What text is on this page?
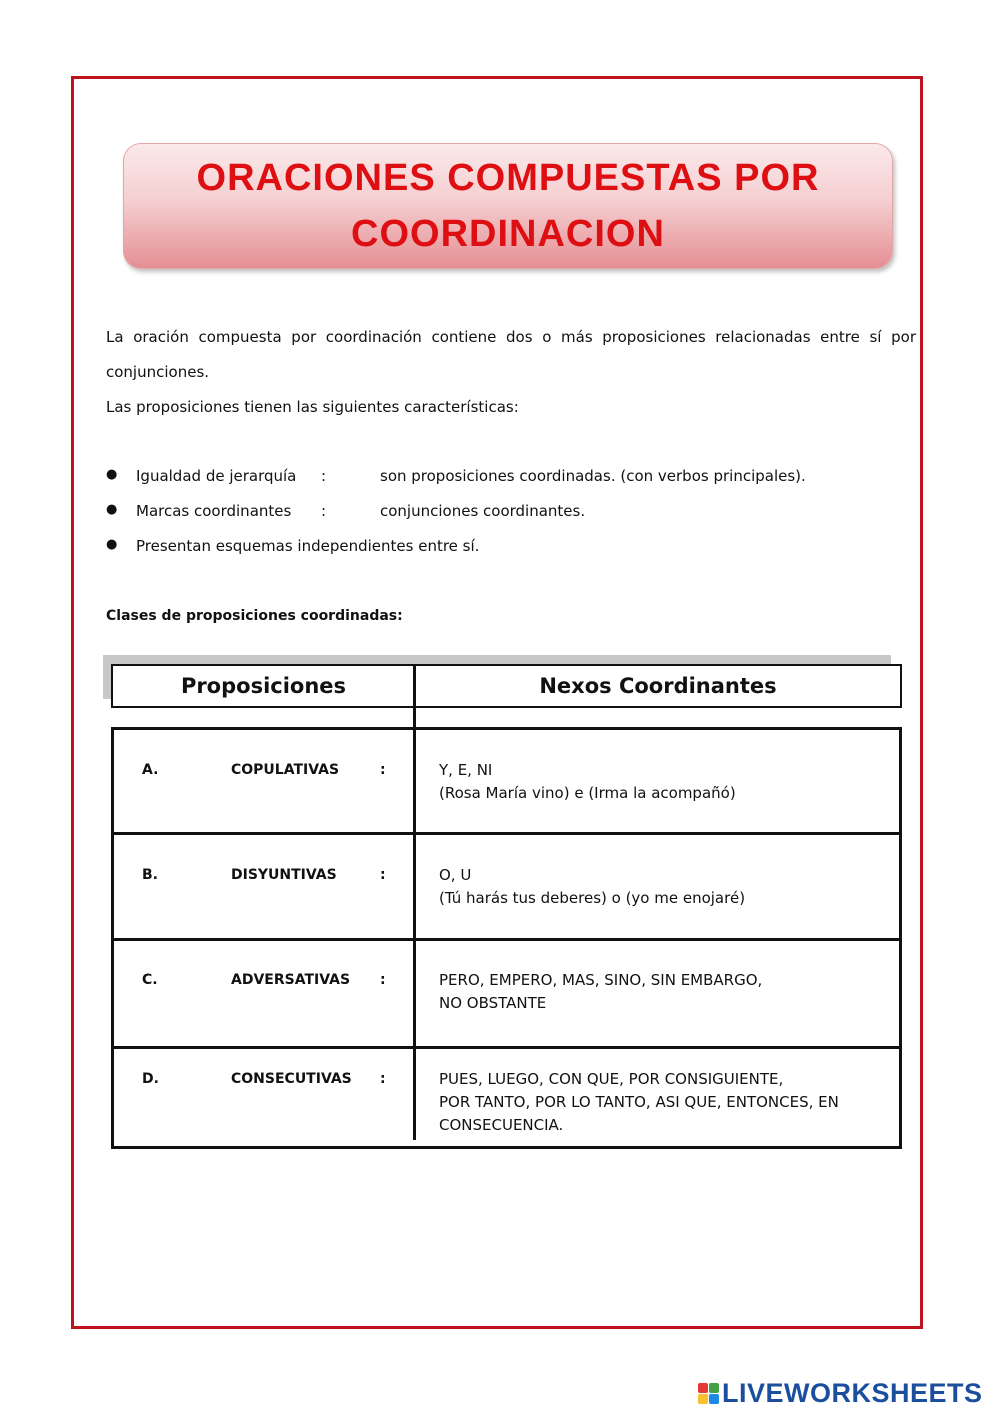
ORACIONES COMPUESTAS POR
COORDINACION
La oración compuesta por coordinación contiene dos o más proposiciones relacionadas entre sí por
conjunciones.
Las proposiciones tienen las siguientes características:
● Igualdad de jerarquía :	son proposiciones coordinadas. (con verbos principales).
● Marcas coordinantes :	conjunciones coordinantes.
● Presentan esquemas independientes entre sí.
Clases de proposiciones coordinadas:
Proposiciones	Nexos Coordinantes
A.	COPULATIVAS	:	Y, E, NI
(Rosa María vino) e (Irma la acompañó)
B.	DISYUNTIVAS	:	O, U
(Tú harás tus deberes) o (yo me enojaré)
C.	ADVERSATIVAS :	PERO, EMPERO, MAS, SINO, SIN EMBARGO,
NO OBSTANTE
D.	CONSECUTIVAS :	PUES, LUEGO, CON QUE, POR CONSIGUIENTE,
POR TANTO, POR LO TANTO, ASI QUE, ENTONCES, EN
CONSECUENCIA.
LIVEWORKSHEETS
